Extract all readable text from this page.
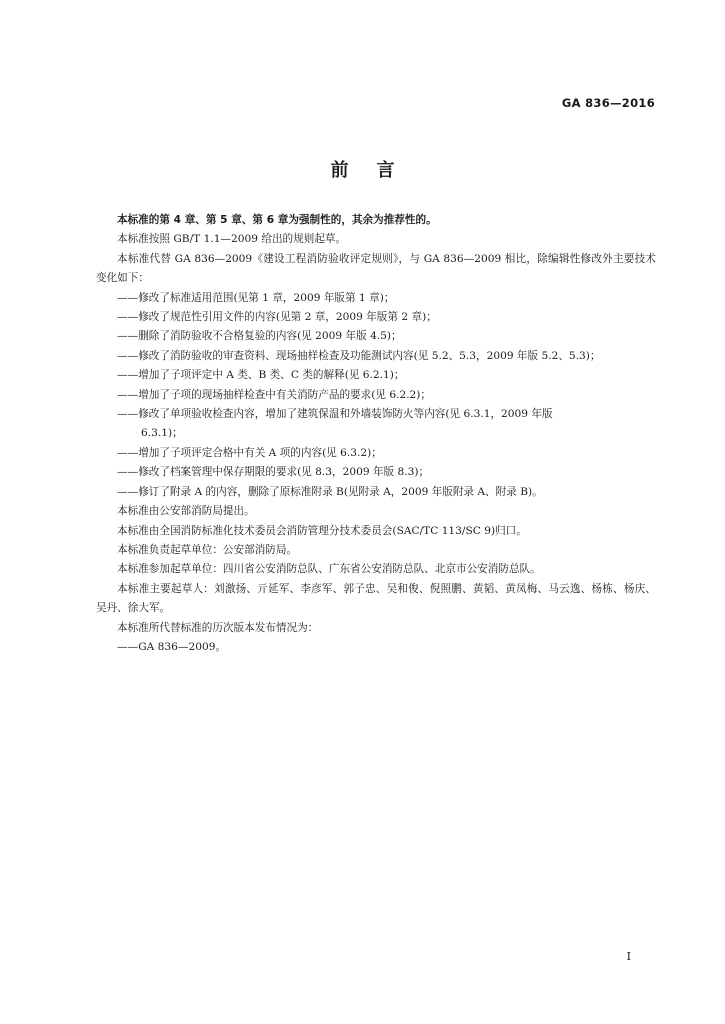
GA 836—2016
前 言
本标准的第 4 章、第 5 章、第 6 章为强制性的，其余为推荐性的。
本标准按照 GB/T 1.1—2009 给出的规则起草。
本标准代替 GA 836—2009《建设工程消防验收评定规则》，与 GA 836—2009 相比，除编辑性修改外主要技术变化如下：
——修改了标准适用范围(见第 1 章，2009 年版第 1 章)；
——修改了规范性引用文件的内容(见第 2 章，2009 年版第 2 章)；
——删除了消防验收不合格复验的内容(见 2009 年版 4.5)；
——修改了消防验收的审查资料、现场抽样检查及功能测试内容(见 5.2、5.3，2009 年版 5.2、5.3)；
——增加了子项评定中 A 类、B 类、C 类的解释(见 6.2.1)；
——增加了子项的现场抽样检查中有关消防产品的要求(见 6.2.2)；
——修改了单项验收检查内容，增加了建筑保温和外墙装饰防火等内容(见 6.3.1，2009 年版
6.3.1)；
——增加了子项评定合格中有关 A 项的内容(见 6.3.2)；
——修改了档案管理中保存期限的要求(见 8.3，2009 年版 8.3)；
——修订了附录 A 的内容，删除了原标准附录 B(见附录 A，2009 年版附录 A、附录 B)。
本标准由公安部消防局提出。
本标准由全国消防标准化技术委员会消防管理分技术委员会(SAC/TC 113/SC 9)归口。
本标准负责起草单位：公安部消防局。
本标准参加起草单位：四川省公安消防总队、广东省公安消防总队、北京市公安消防总队。
本标准主要起草人：刘激扬、亓延军、李彦军、郭子忠、吴和俊、倪照鹏、黄韬、黄凤梅、马云逸、杨栋、杨庆、吴丹、徐大军。
本标准所代替标准的历次版本发布情况为：
——GA 836—2009。
I
